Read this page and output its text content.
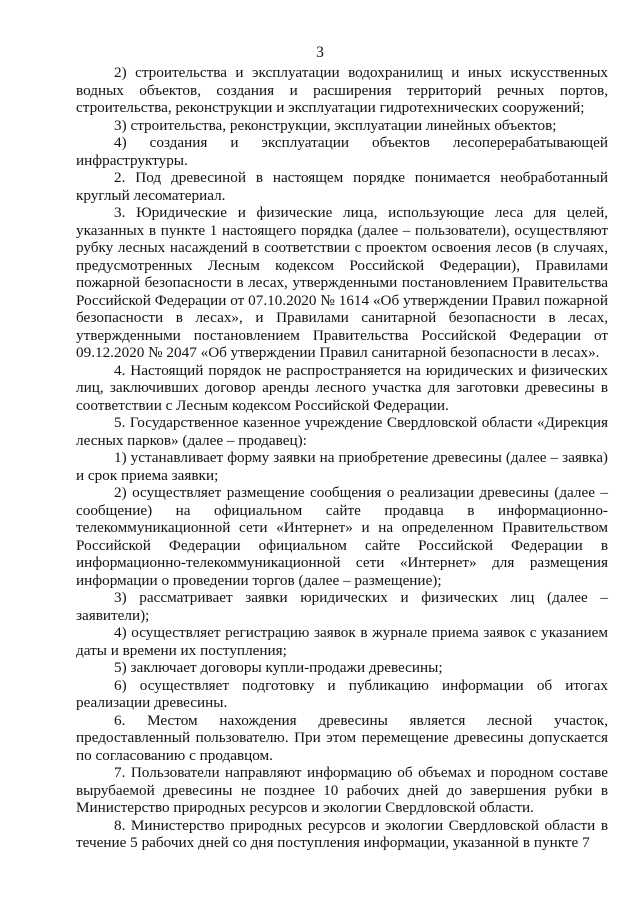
3

2) строительства и эксплуатации водохранилищ и иных искусственных водных объектов, создания и расширения территорий речных портов, строительства, реконструкции и эксплуатации гидротехнических сооружений;

3) строительства, реконструкции, эксплуатации линейных объектов;

4) создания и эксплуатации объектов лесоперерабатывающей инфраструктуры.

2. Под древесиной в настоящем порядке понимается необработанный круглый лесоматериал.

3. Юридические и физические лица, использующие леса для целей, указанных в пункте 1 настоящего порядка (далее – пользователи), осуществляют рубку лесных насаждений в соответствии с проектом освоения лесов (в случаях, предусмотренных Лесным кодексом Российской Федерации), Правилами пожарной безопасности в лесах, утвержденными постановлением Правительства Российской Федерации от 07.10.2020 № 1614 «Об утверждении Правил пожарной безопасности в лесах», и Правилами санитарной безопасности в лесах, утвержденными постановлением Правительства Российской Федерации от 09.12.2020 № 2047 «Об утверждении Правил санитарной безопасности в лесах».

4. Настоящий порядок не распространяется на юридических и физических лиц, заключивших договор аренды лесного участка для заготовки древесины в соответствии с Лесным кодексом Российской Федерации.

5. Государственное казенное учреждение Свердловской области «Дирекция лесных парков» (далее – продавец):

1) устанавливает форму заявки на приобретение древесины (далее – заявка) и срок приема заявки;

2) осуществляет размещение сообщения о реализации древесины (далее – сообщение) на официальном сайте продавца в информационно-телекоммуникационной сети «Интернет» и на определенном Правительством Российской Федерации официальном сайте Российской Федерации в информационно-телекоммуникационной сети «Интернет» для размещения информации о проведении торгов (далее – размещение);

3) рассматривает заявки юридических и физических лиц (далее – заявители);

4) осуществляет регистрацию заявок в журнале приема заявок с указанием даты и времени их поступления;

5) заключает договоры купли-продажи древесины;

6) осуществляет подготовку и публикацию информации об итогах реализации древесины.

6. Местом нахождения древесины является лесной участок, предоставленный пользователю. При этом перемещение древесины допускается по согласованию с продавцом.

7. Пользователи направляют информацию об объемах и породном составе вырубаемой древесины не позднее 10 рабочих дней до завершения рубки в Министерство природных ресурсов и экологии Свердловской области.

8. Министерство природных ресурсов и экологии Свердловской области в течение 5 рабочих дней со дня поступления информации, указанной в пункте 7
